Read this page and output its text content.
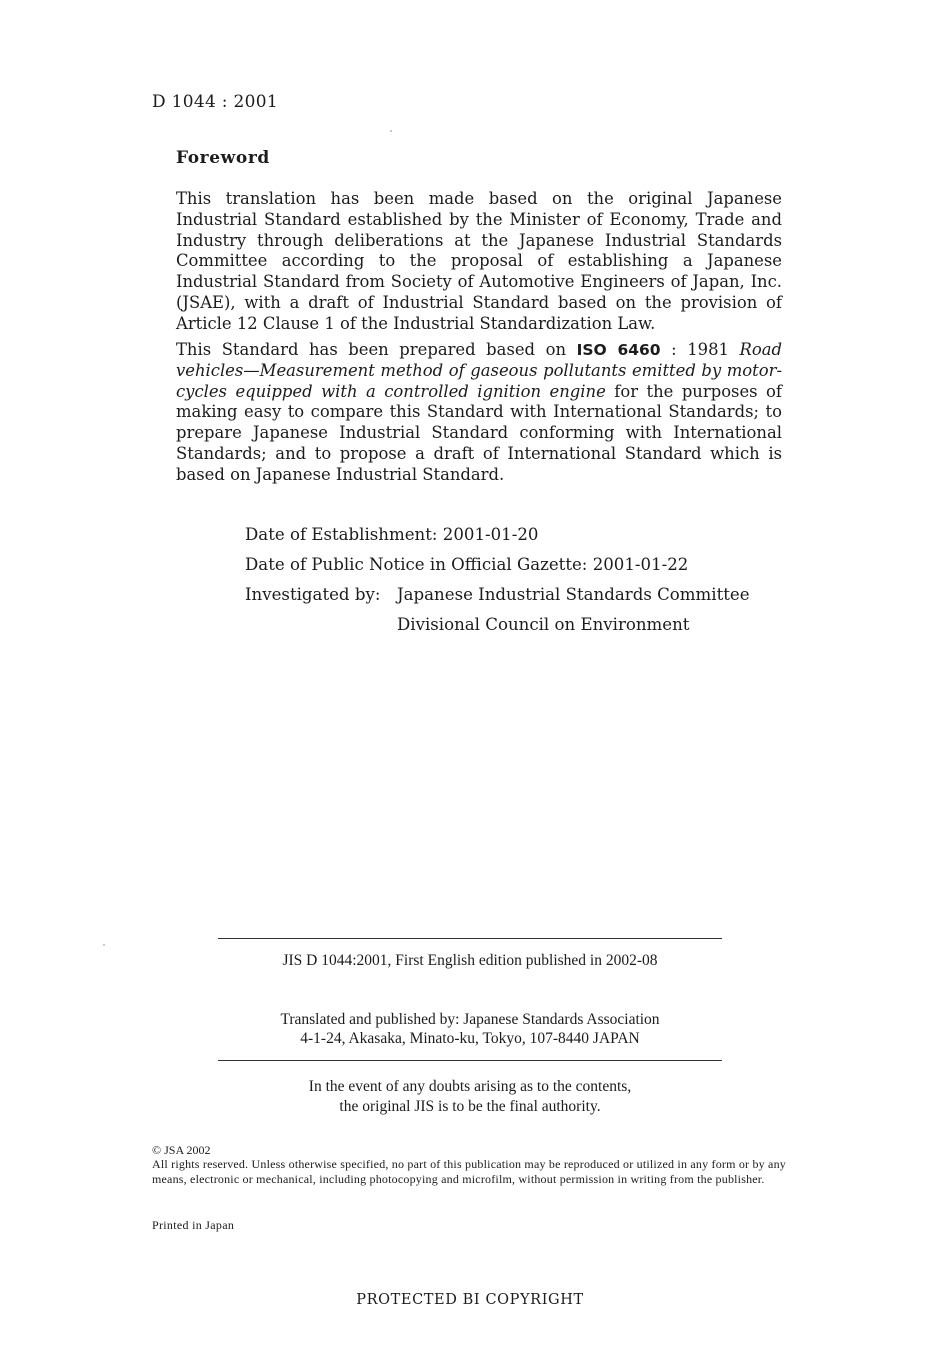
D 1044 : 2001
Foreword
This translation has been made based on the original Japanese Industrial Standard established by the Minister of Economy, Trade and Industry through deliberations at the Japanese Industrial Standards Committee according to the proposal of establishing a Japanese Industrial Standard from Society of Automotive Engineers of Japan, Inc. (JSAE), with a draft of Industrial Standard based on the provision of Article 12 Clause 1 of the Industrial Standardization Law.
This Standard has been prepared based on ISO 6460 : 1981 Road vehicles—Measurement method of gaseous pollutants emitted by motor-cycles equipped with a controlled ignition engine for the purposes of making easy to compare this Standard with International Standards; to prepare Japanese Industrial Standard conforming with International Standards; and to propose a draft of International Standard which is based on Japanese Industrial Standard.
Date of Establishment: 2001-01-20
Date of Public Notice in Official Gazette: 2001-01-22
Investigated by: Japanese Industrial Standards Committee
Divisional Council on Environment
JIS D 1044:2001, First English edition published in 2002-08
Translated and published by: Japanese Standards Association
4-1-24, Akasaka, Minato-ku, Tokyo, 107-8440 JAPAN
In the event of any doubts arising as to the contents,
the original JIS is to be the final authority.
© JSA 2002
All rights reserved. Unless otherwise specified, no part of this publication may be reproduced or utilized in any form or by any means, electronic or mechanical, including photocopying and microfilm, without permission in writing from the publisher.
Printed in Japan
PROTECTED BІ COPYRIGHT
